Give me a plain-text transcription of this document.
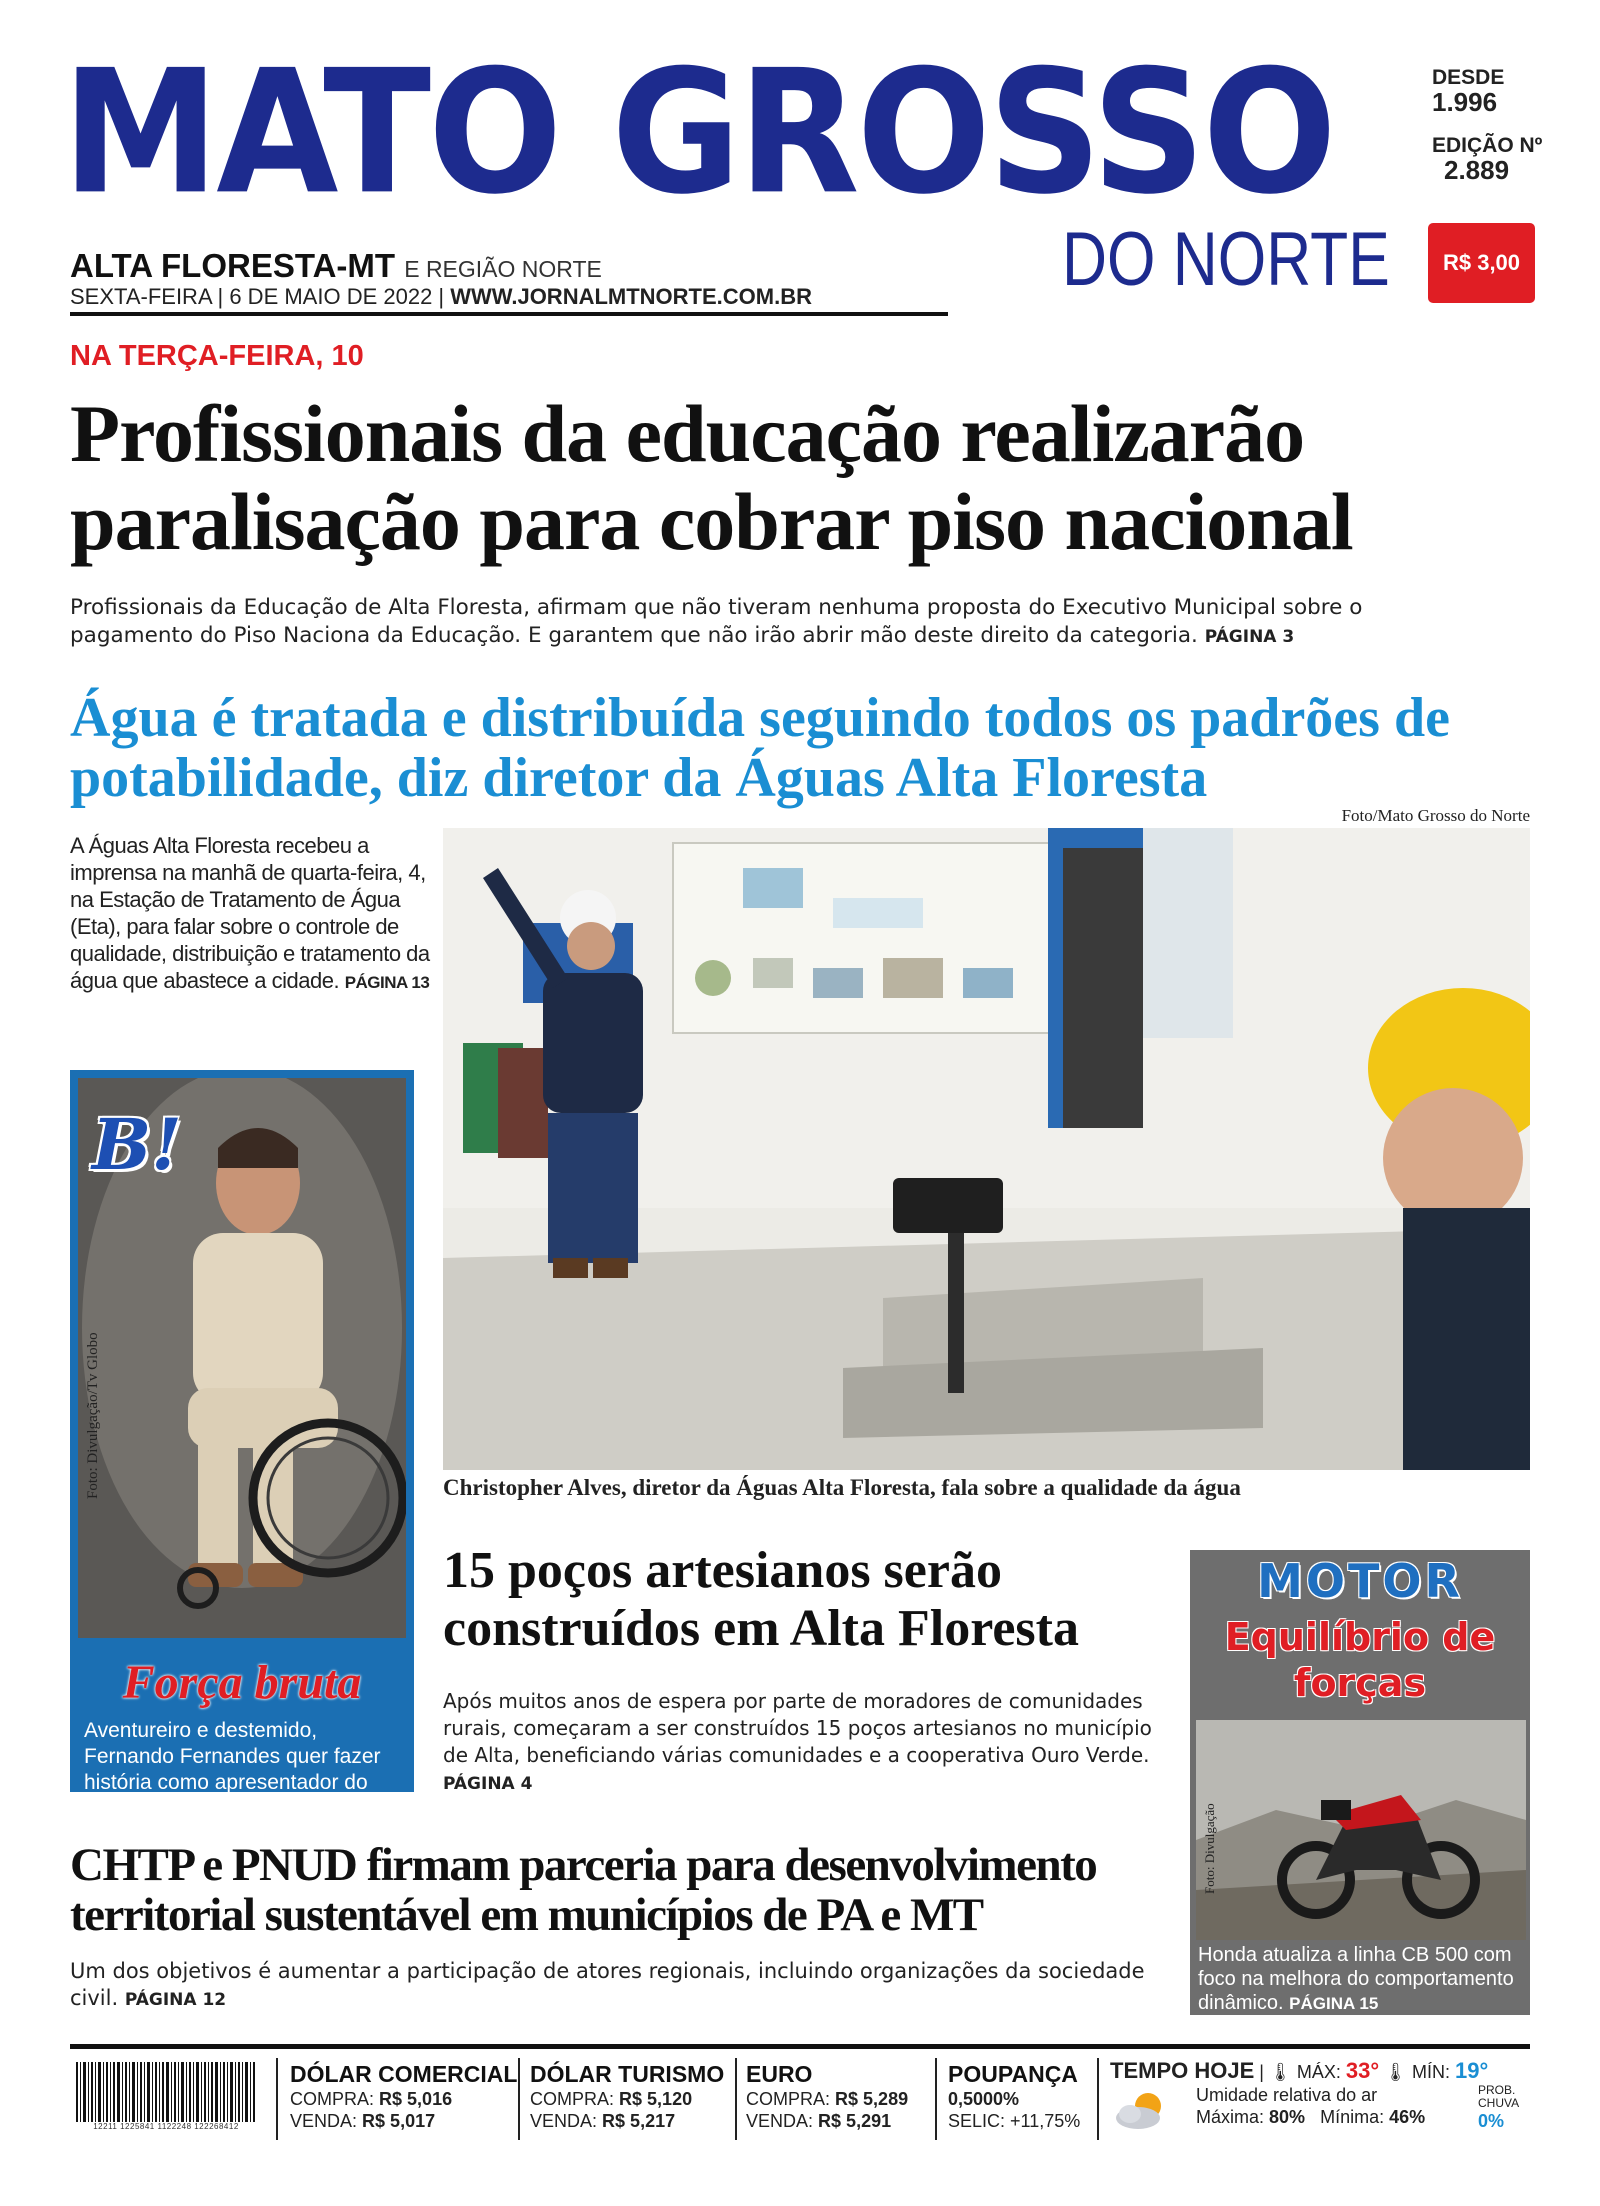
MATO GROSSO
DO NORTE
DESDE
1.996
EDIÇÃO Nº
2.889
R$ 3,00
ALTA FLORESTA-MT E REGIÃO NORTE
SEXTA-FEIRA | 6 DE MAIO DE 2022 | WWW.JORNALMTNORTE.COM.BR
NA TERÇA-FEIRA, 10
Profissionais da educação realizarão paralisação para cobrar piso nacional

Profissionais da Educação de Alta Floresta, afirmam que não tiveram nenhuma proposta do Executivo Municipal sobre o pagamento do Piso Naciona da Educação. E garantem que não irão abrir mão deste direito da categoria. PÁGINA 3

Água é tratada e distribuída seguindo todos os padrões de potabilidade, diz diretor da Águas Alta Floresta
Foto/Mato Grosso do Norte

A Águas Alta Floresta recebeu a imprensa na manhã de quarta-feira, 4, na Estação de Tratamento de Água (Eta), para falar sobre o controle de qualidade, distribuição e tratamento da água que abastece a cidade. PÁGINA 13

Christopher Alves, diretor da Águas Alta Floresta, fala sobre a qualidade da água
B!
Foto: Divulgação/Tv Globo
Força bruta

Aventureiro e destemido, Fernando Fernandes quer fazer história como apresentador do “No Limite”. PÁGINA 11

15 poços artesianos serão construídos em Alta Floresta

Após muitos anos de espera por parte de moradores de comunidades rurais, começaram a ser construídos 15 poços artesianos no município de Alta, beneficiando várias comunidades e a cooperativa Ouro Verde. PÁGINA 4

MOTOR
Equilíbrio de forças
Foto: Divulgação

Honda atualiza a linha CB 500 com foco na melhora do comportamento dinâmico. PÁGINA 15

CHTP e PNUD firmam parceria para desenvolvimento territorial sustentável em municípios de PA e MT

Um dos objetivos é aumentar a participação de atores regionais, incluindo organizações da sociedade civil. PÁGINA 12

12211 1225841 1122248 122268412
DÓLAR COMERCIAL
COMPRA: R$ 5,016
VENDA: R$ 5,017
DÓLAR TURISMO
COMPRA: R$ 5,120
VENDA: R$ 5,217
EURO
COMPRA: R$ 5,289
VENDA: R$ 5,291
POUPANÇA
0,5000%
SELIC: +11,75%
TEMPO HOJE | 🌡 MÁX: 33° 🌡 MÍN: 19°
Umidade relativa do ar
Máxima: 80% Mínima: 46%
PROB. CHUVA
0%
